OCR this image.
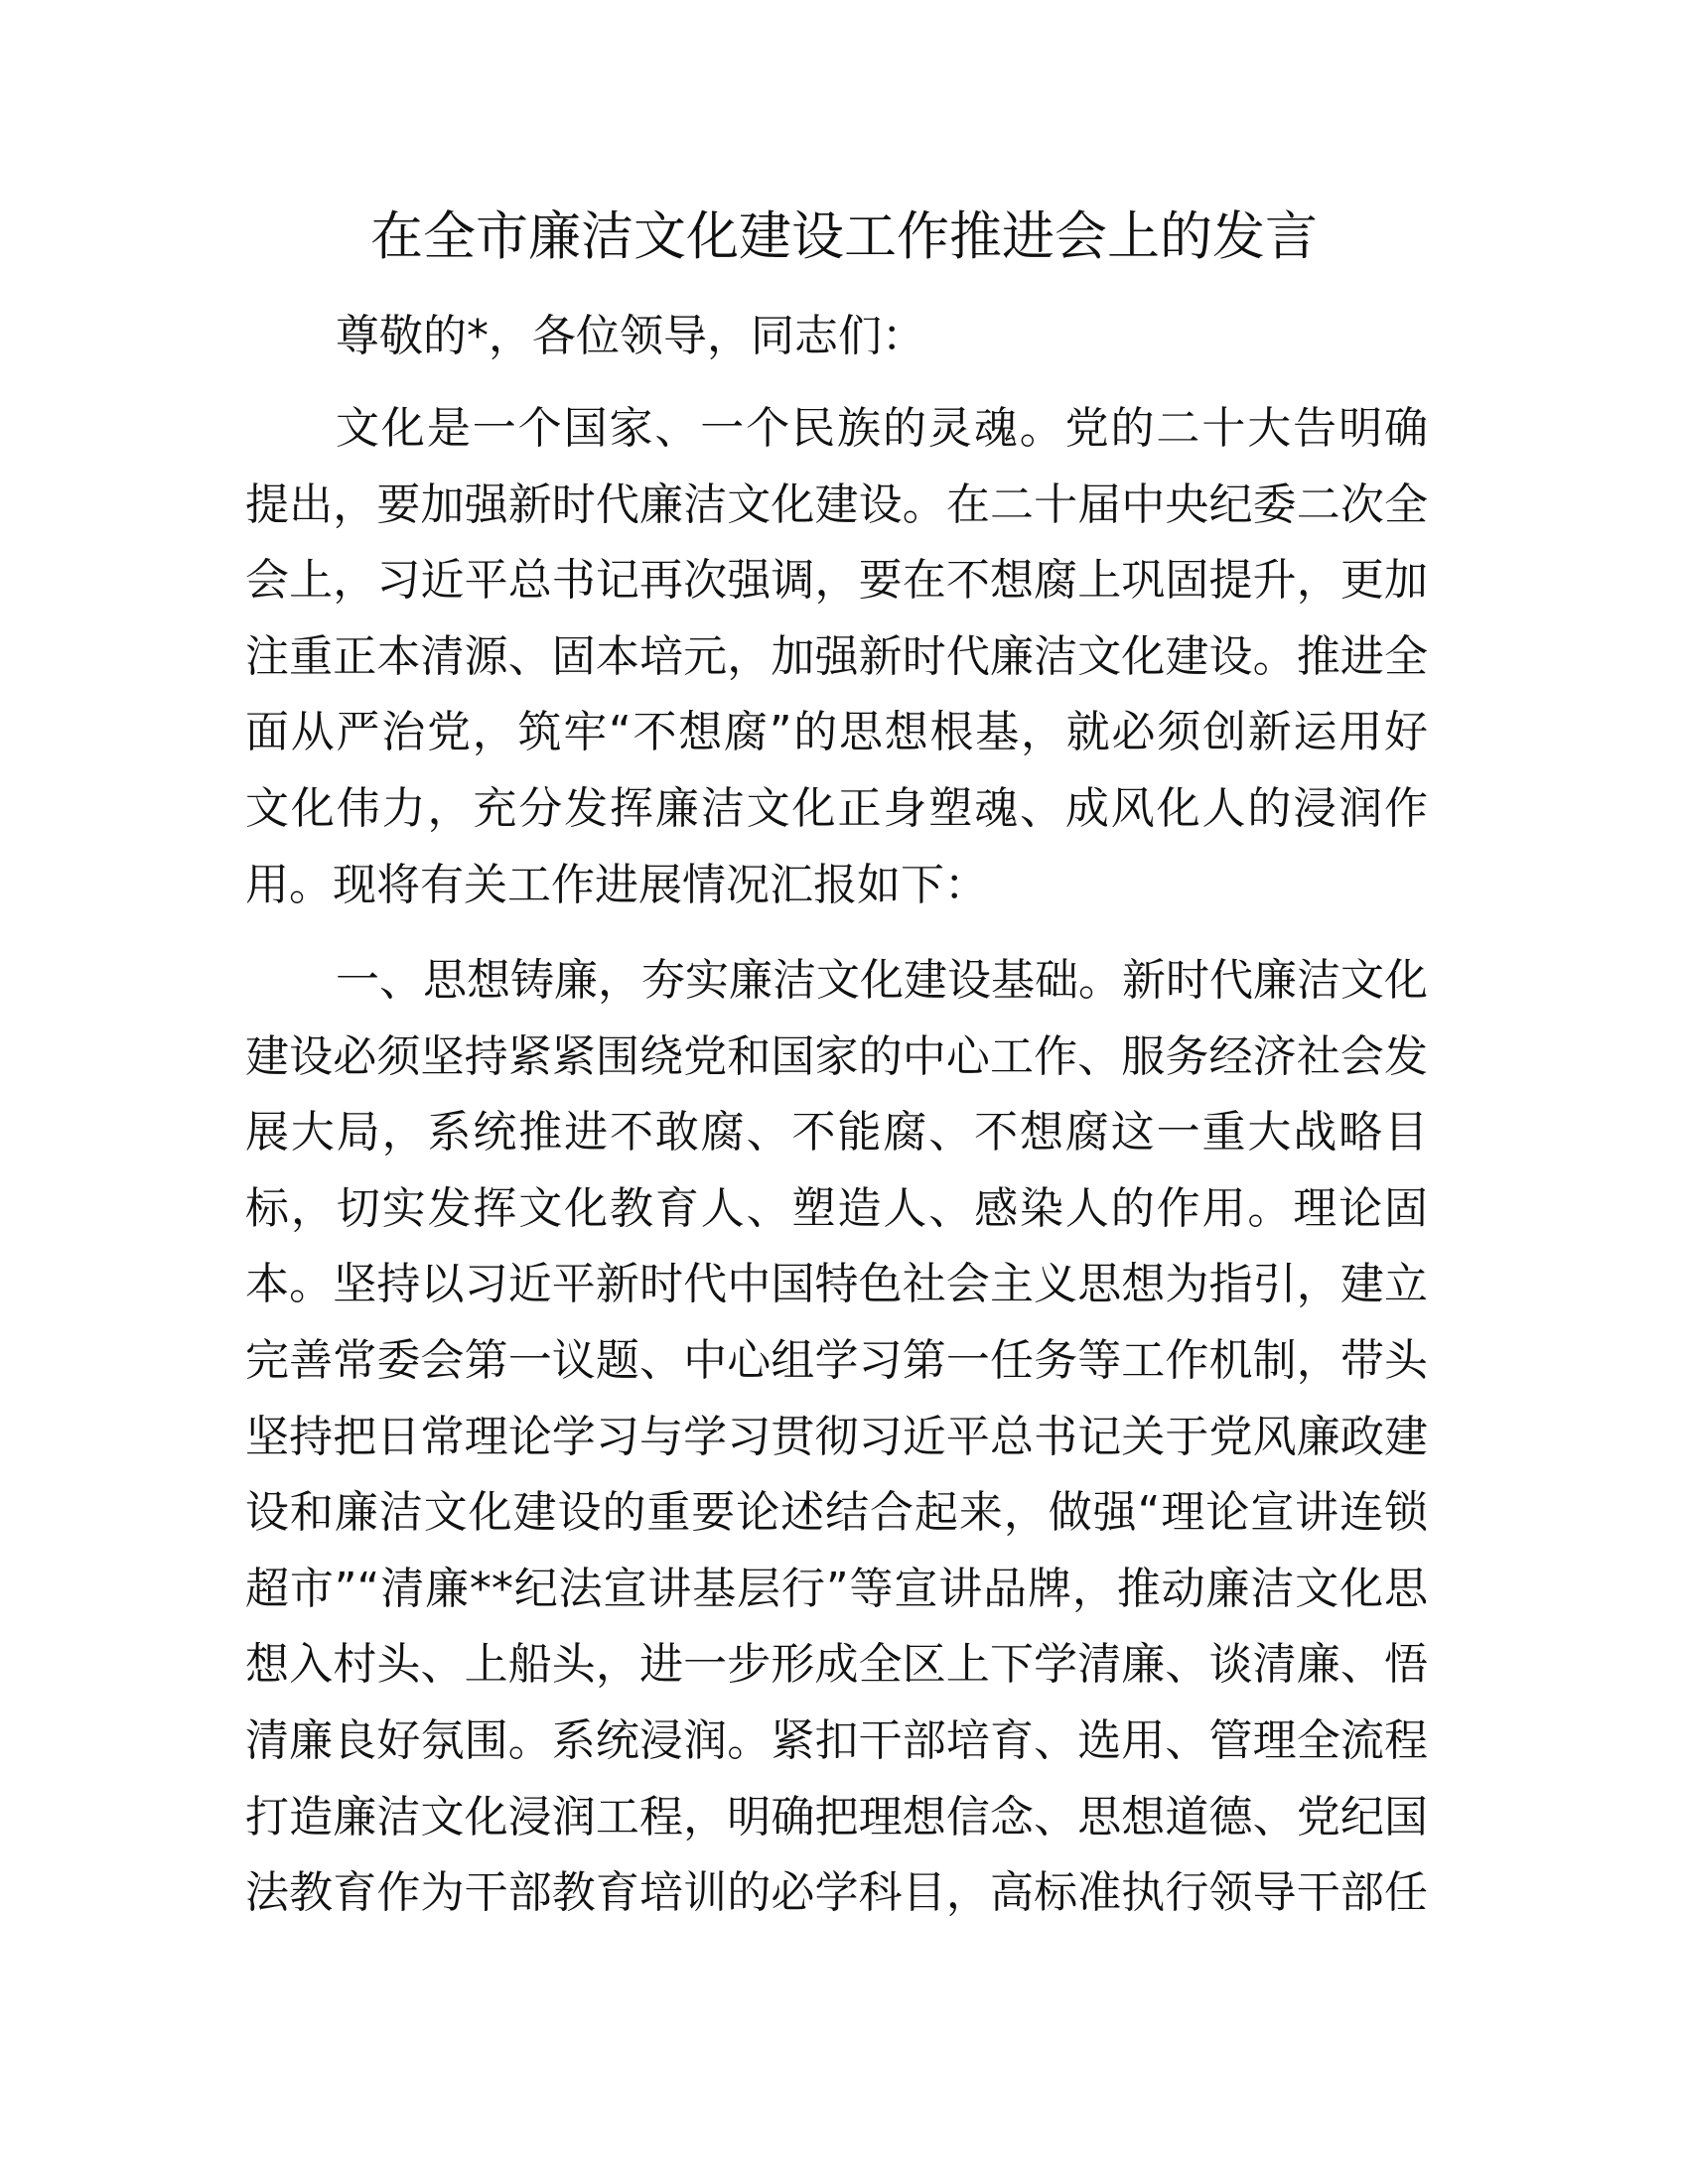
在全市廉洁文化建设工作推进会上的发言
尊敬的*，各位领导，同志们：
文化是一个国家、一个民族的灵魂。党的二十大告明确
提出，要加强新时代廉洁文化建设。在二十届中央纪委二次全
会上，习近平总书记再次强调，要在不想腐上巩固提升，更加
注重正本清源、固本培元，加强新时代廉洁文化建设。推进全
面从严治党，筑牢“不想腐”的思想根基，就必须创新运用好
文化伟力，充分发挥廉洁文化正身塑魂、成风化人的浸润作
用。现将有关工作进展情况汇报如下：
一、思想铸廉，夯实廉洁文化建设基础。新时代廉洁文化
建设必须坚持紧紧围绕党和国家的中心工作、服务经济社会发
展大局，系统推进不敢腐、不能腐、不想腐这一重大战略目
标，切实发挥文化教育人、塑造人、感染人的作用。理论固
本。坚持以习近平新时代中国特色社会主义思想为指引，建立
完善常委会第一议题、中心组学习第一任务等工作机制，带头
坚持把日常理论学习与学习贯彻习近平总书记关于党风廉政建
设和廉洁文化建设的重要论述结合起来，做强“理论宣讲连锁
超市”“清廉**纪法宣讲基层行”等宣讲品牌，推动廉洁文化思
想入村头、上船头，进一步形成全区上下学清廉、谈清廉、悟
清廉良好氛围。系统浸润。紧扣干部培育、选用、管理全流程
打造廉洁文化浸润工程，明确把理想信念、思想道德、党纪国
法教育作为干部教育培训的必学科目，高标准执行领导干部任
